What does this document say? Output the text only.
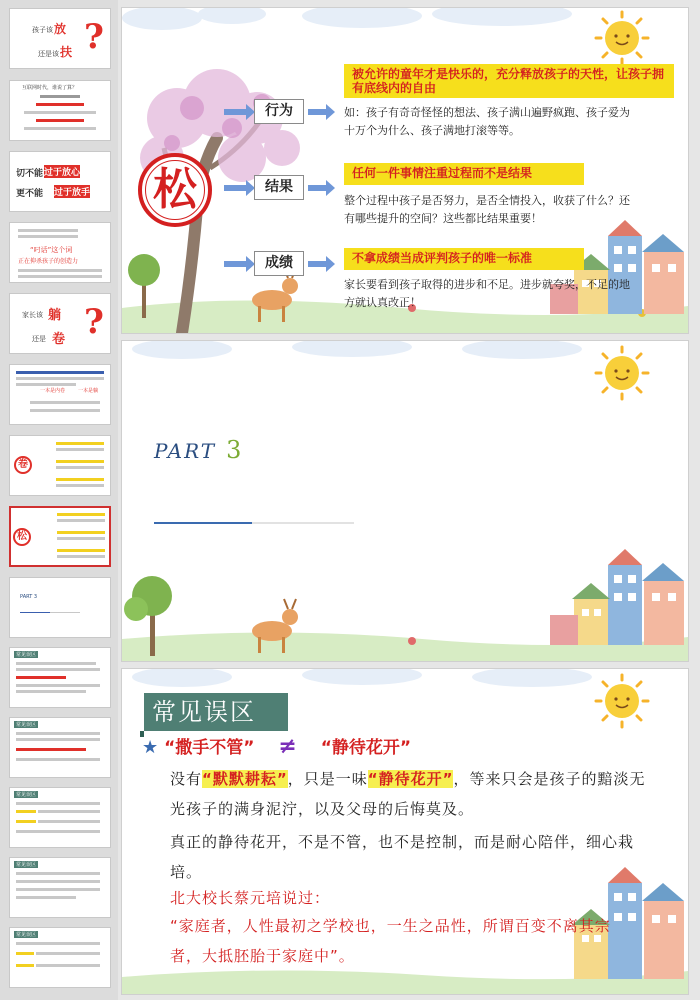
孩子该 放
还是该 扶 ?
互联网时代，谁说了算？
切不能 过于放心
更不能 过于放手
“叼话”这个词
正在抑杀孩子的创造力
家长该 躺
还是 卷 ?
一本是内卷	一本是躺
卷
松
PART 3
常见误区
常见误区
常见误区
常见误区
常见误区
松
行为
结果
成绩
被允许的童年才是快乐的，充分释放孩子的天性，让孩子拥有底线内的自由
如：孩子有奇奇怪怪的想法、孩子满山遍野疯跑、孩子爱为十万个为什么、孩子满地打滚等等。
任何一件事情注重过程而不是结果
整个过程中孩子是否努力，是否全情投入，收获了什么？还有哪些提升的空间？这些都比结果重要！
不拿成绩当成评判孩子的唯一标准
家长要看到孩子取得的进步和不足。进步就夸奖，不足的地方就认真改正！
PART 3
常见误区
★ “撒手不管” ≠ “静待花开”
没有“默默耕耘”，只是一味“静待花开”，等来只会是孩子的黯淡无光孩子的满身泥泞，以及父母的后悔莫及。
真正的静待花开，不是不管，也不是控制，而是耐心陪伴，细心栽培。
北大校长蔡元培说过：
“家庭者，人性最初之学校也，一生之品性，所谓百变不离其宗者，大抵胚胎于家庭中”。
